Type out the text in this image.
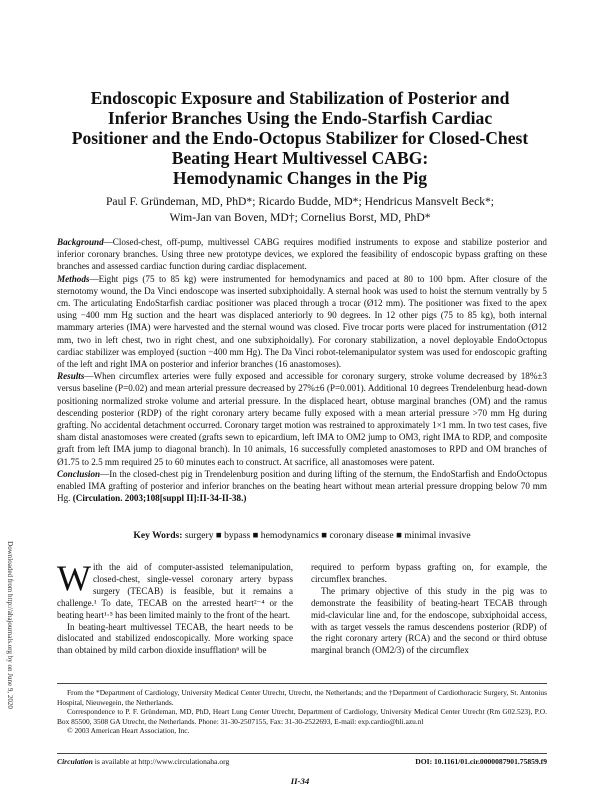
Endoscopic Exposure and Stabilization of Posterior and
Inferior Branches Using the Endo-Starfish Cardiac
Positioner and the Endo-Octopus Stabilizer for Closed-Chest
Beating Heart Multivessel CABG:
Hemodynamic Changes in the Pig
Paul F. Gründeman, MD, PhD*; Ricardo Budde, MD*; Hendricus Mansvelt Beck*;
Wim-Jan van Boven, MD†; Cornelius Borst, MD, PhD*

Background—Closed-chest, off-pump, multivessel CABG requires modified instruments to expose and stabilize posterior and inferior coronary branches. Using three new prototype devices, we explored the feasibility of endoscopic bypass grafting on these branches and assessed cardiac function during cardiac displacement.

Methods—Eight pigs (75 to 85 kg) were instrumented for hemodynamics and paced at 80 to 100 bpm. After closure of the sternotomy wound, the Da Vinci endoscope was inserted subxiphoidally. A sternal hook was used to hoist the sternum ventrally by 5 cm. The articulating EndoStarfish cardiac positioner was placed through a trocar (Ø12 mm). The positioner was fixed to the apex using −400 mm Hg suction and the heart was displaced anteriorly to 90 degrees. In 12 other pigs (75 to 85 kg), both internal mammary arteries (IMA) were harvested and the sternal wound was closed. Five trocar ports were placed for instrumentation (Ø12 mm, two in left chest, two in right chest, and one subxiphoidally). For coronary stabilization, a novel deployable EndoOctopus cardiac stabilizer was employed (suction −400 mm Hg). The Da Vinci robot-telemanipulator system was used for endoscopic grafting of the left and right IMA on posterior and inferior branches (16 anastomoses).

Results—When circumflex arteries were fully exposed and accessible for coronary surgery, stroke volume decreased by 18%±3 versus baseline (P=0.02) and mean arterial pressure decreased by 27%±6 (P=0.001). Additional 10 degrees Trendelenburg head-down positioning normalized stroke volume and arterial pressure. In the displaced heart, obtuse marginal branches (OM) and the ramus descending posterior (RDP) of the right coronary artery became fully exposed with a mean arterial pressure >70 mm Hg during grafting. No accidental detachment occurred. Coronary target motion was restrained to approximately 1×1 mm. In two test cases, five sham distal anastomoses were created (grafts sewn to epicardium, left IMA to OM2 jump to OM3, right IMA to RDP, and composite graft from left IMA jump to diagonal branch). In 10 animals, 16 successfully completed anastomoses to RPD and OM branches of Ø1.75 to 2.5 mm required 25 to 60 minutes each to construct. At sacrifice, all anastomoses were patent.

Conclusion—In the closed-chest pig in Trendelenburg position and during lifting of the sternum, the EndoStarfish and EndoOctopus enabled IMA grafting of posterior and inferior branches on the beating heart without mean arterial pressure dropping below 70 mm Hg. (Circulation. 2003;108[suppl II]:II-34-II-38.)

Key Words: surgery ■ bypass ■ hemodynamics ■ coronary disease ■ minimal invasive
Downloaded from http://ahajournals.org by on June 9, 2020 With the aid of computer-assisted telemanipulation, closed-chest, single-vessel coronary artery bypass surgery (TECAB) is feasible, but it remains a challenge.¹ To date, TECAB on the arrested heart²⁻⁴ or the beating heart¹·⁵ has been limited mainly to the front of the heart.

In beating-heart multivessel TECAB, the heart needs to be dislocated and stabilized endoscopically. More working space than obtained by mild carbon dioxide insufflation⁶ will be

required to perform bypass grafting on, for example, the circumflex branches.

The primary objective of this study in the pig was to demonstrate the feasibility of beating-heart TECAB through mid-clavicular line and, for the endoscope, subxiphoidal access, with as target vessels the ramus descendens posterior (RDP) of the right coronary artery (RCA) and the second or third obtuse marginal branch (OM2/3) of the circumflex

From the *Department of Cardiology, University Medical Center Utrecht, Utrecht, the Netherlands; and the †Department of Cardiothoracic Surgery, St. Antonius Hospital, Nieuwegein, the Netherlands.

Correspondence to P. F. Gründeman, MD, PhD, Heart Lung Center Utrecht, Department of Cardiology, University Medical Center Utrecht (Rm G02.523), P.O. Box 85500, 3508 GA Utrecht, the Netherlands. Phone: 31-30-2507155, Fax: 31-30-2522693, E-mail: exp.cardio@hli.azu.nl

© 2003 American Heart Association, Inc.

Circulation is available at http://www.circulationaha.org	DOI: 10.1161/01.cir.0000087901.75859.f9
II-34
